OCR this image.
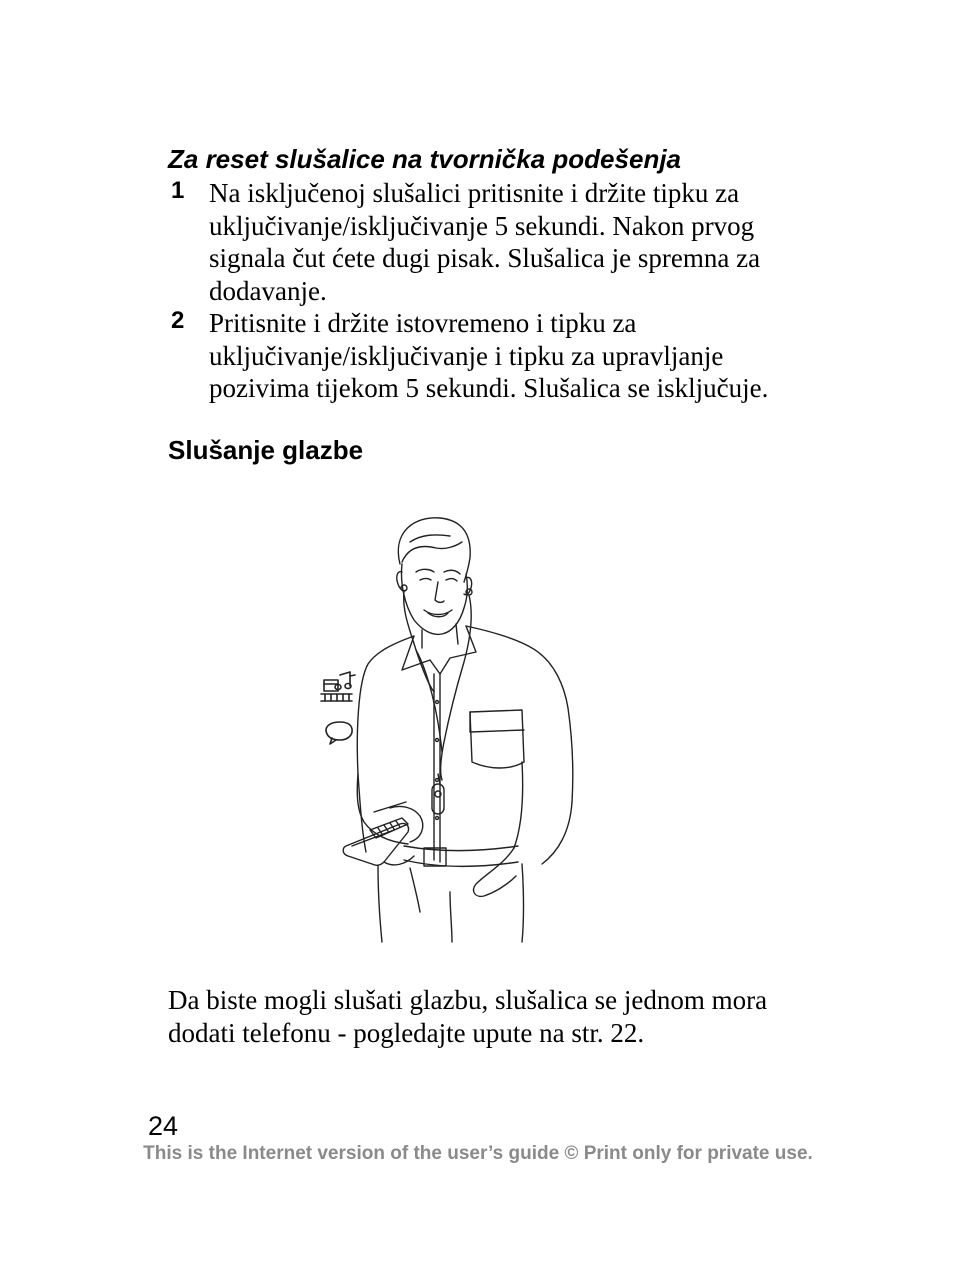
Za reset slušalice na tvornička podešenja
1 Na isključenoj slušalici pritisnite i držite tipku za uključivanje/isključivanje 5 sekundi. Nakon prvog signala čut ćete dugi pisak. Slušalica je spremna za dodavanje.
2 Pritisnite i držite istovremeno i tipku za uključivanje/isključivanje i tipku za upravljanje pozivima tijekom 5 sekundi. Slušalica se isključuje.
Slušanje glazbe
Da biste mogli slušati glazbu, slušalica se jednom mora dodati telefonu - pogledajte upute na str. 22.
24
This is the Internet version of the user’s guide © Print only for private use.
